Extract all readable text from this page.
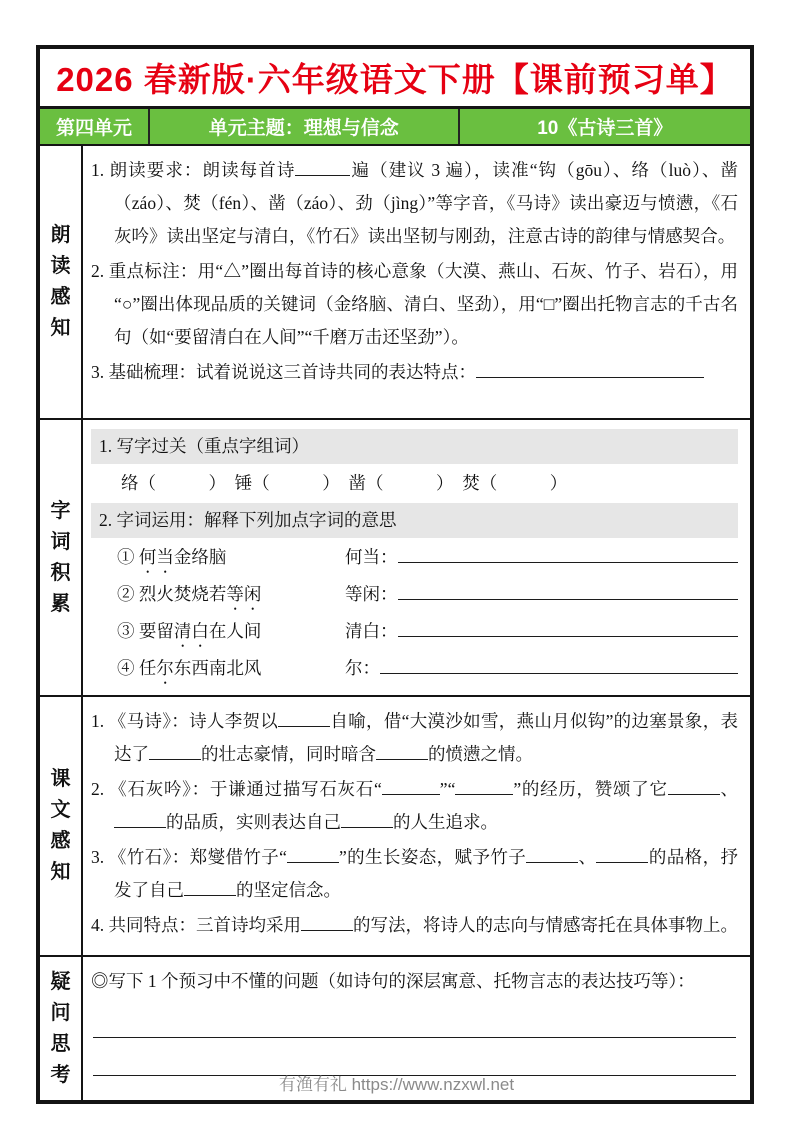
2026 春新版·六年级语文下册【课前预习单】
第四单元	单元主题：理想与信念	10《古诗三首》
朗读感知
1. 朗读要求：朗读每首诗	遍（建议 3 遍），读准“钩（gōu）、络（luò）、凿（záo）、焚（fén）、凿（záo）、劲（jìng）”等字音，《马诗》读出豪迈与愤懑，《石灰吟》读出坚定与清白，《竹石》读出坚韧与刚劲，注意古诗的韵律与情感契合。
2. 重点标注：用“△”圈出每首诗的核心意象（大漠、燕山、石灰、竹子、岩石），用“○”圈出体现品质的关键词（金络脑、清白、坚劲），用“□”圈出托物言志的千古名句（如“要留清白在人间”“千磨万击还坚劲”）。
3. 基础梳理：试着说说这三首诗共同的表达特点：
字词积累
1. 写字过关（重点字组词）
络（　　　）　锤（　　　）　凿（　　　）　焚（　　　）
2. 字词运用：解释下列加点字词的意思
① 何当金络脑	何当：
② 烈火焚烧若等闲	等闲：
③ 要留清白在人间	清白：
④ 任尔东西南北风	尔：
课文感知
1. 《马诗》：诗人李贺以	自喻，借“大漠沙如雪，燕山月似钩”的边塞景象，表达了	的壮志豪情，同时暗含	的愤懑之情。
2. 《石灰吟》：于谦通过描写石灰石“	”“	”的经历，赞颂了它	、的品质，实则表达自己	的人生追求。
3. 《竹石》：郑燮借竹子“	”的生长姿态，赋予竹子	、	的品格，抒发了自己	的坚定信念。
4. 共同特点：三首诗均采用	的写法，将诗人的志向与情感寄托在具体事物上。
疑问思考
◎写下 1 个预习中不懂的问题（如诗句的深层寓意、托物言志的表达技巧等）：
有渔有礼 https://www.nzxwl.net
